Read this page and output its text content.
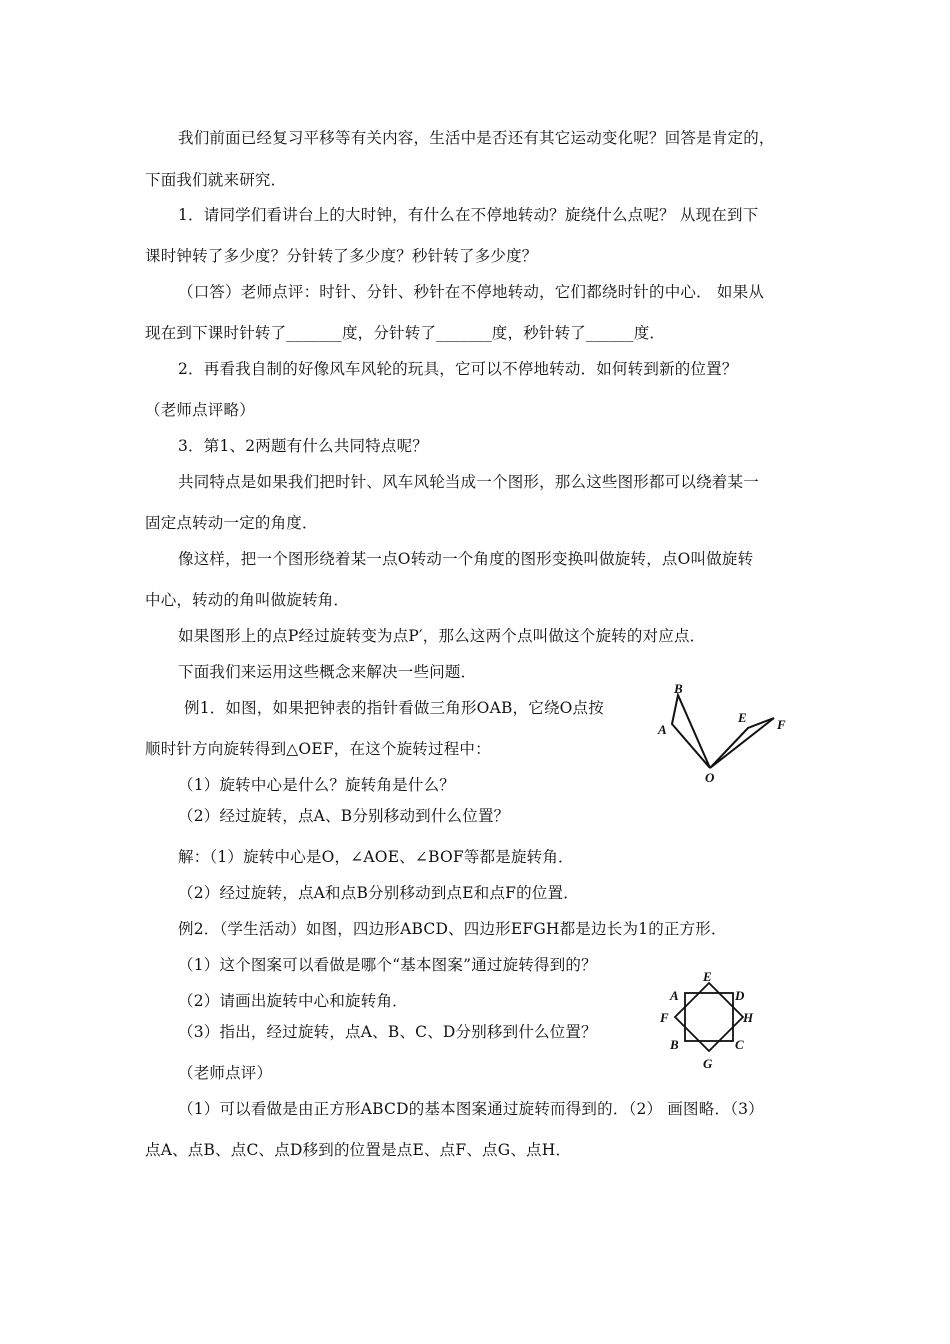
我们前面已经复习平移等有关内容，生活中是否还有其它运动变化呢？回答是肯定的，
下面我们就来研究．
1．请同学们看讲台上的大时钟，有什么在不停地转动？旋绕什么点呢？ 从现在到下
课时钟转了多少度？分针转了多少度？秒针转了多少度？
（口答）老师点评：时针、分针、秒针在不停地转动，它们都绕时针的中心． 如果从
现在到下课时针转了_______度，分针转了_______度，秒针转了______度．
2．再看我自制的好像风车风轮的玩具，它可以不停地转动．如何转到新的位置？
（老师点评略）
3．第1、2两题有什么共同特点呢？
共同特点是如果我们把时针、风车风轮当成一个图形，那么这些图形都可以绕着某一
固定点转动一定的角度．
像这样，把一个图形绕着某一点O转动一个角度的图形变换叫做旋转，点O叫做旋转
中心，转动的角叫做旋转角．
如果图形上的点P经过旋转变为点P′，那么这两个点叫做这个旋转的对应点．
下面我们来运用这些概念来解决一些问题．
例1．如图，如果把钟表的指针看做三角形OAB，它绕O点按
顺时针方向旋转得到△OEF，在这个旋转过程中：
（1）旋转中心是什么？旋转角是什么？
（2）经过旋转，点A、B分别移动到什么位置？
解：（1）旋转中心是O，∠AOE、∠BOF等都是旋转角．
（2）经过旋转，点A和点B分别移动到点E和点F的位置．
例2．（学生活动）如图，四边形ABCD、四边形EFGH都是边长为1的正方形．
（1）这个图案可以看做是哪个“基本图案”通过旋转得到的？
（2）请画出旋转中心和旋转角．
（3）指出，经过旋转，点A、B、C、D分别移到什么位置？
（老师点评）
（1）可以看做是由正方形ABCD的基本图案通过旋转而得到的．（2） 画图略．（3）
点A、点B、点C、点D移到的位置是点E、点F、点G、点H．
B
A
E F
O
E
A	D
F	H
B	C
G
